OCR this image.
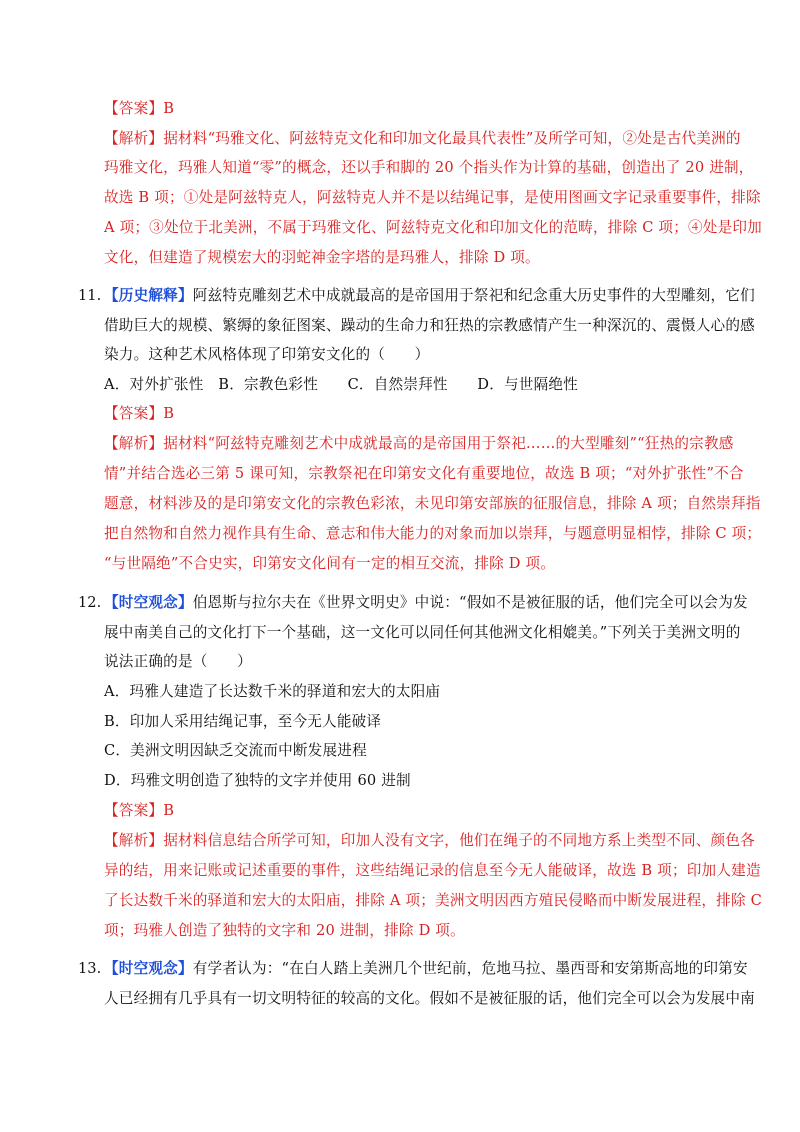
【答案】B
【解析】据材料“玛雅文化、阿兹特克文化和印加文化最具代表性”及所学可知，②处是古代美洲的
玛雅文化，玛雅人知道“零”的概念，还以手和脚的 20 个指头作为计算的基础，创造出了 20 进制，
故选 B 项；①处是阿兹特克人，阿兹特克人并不是以结绳记事，是使用图画文字记录重要事件，排除
A 项；③处位于北美洲，不属于玛雅文化、阿兹特克文化和印加文化的范畴，排除 C 项；④处是印加
文化，但建造了规模宏大的羽蛇神金字塔的是玛雅人，排除 D 项。
11. 【历史解释】阿兹特克雕刻艺术中成就最高的是帝国用于祭祀和纪念重大历史事件的大型雕刻，它们
借助巨大的规模、繁缛的象征图案、躁动的生命力和狂热的宗教感情产生一种深沉的、震慑人心的感
染力。这种艺术风格体现了印第安文化的（　　）
A．对外扩张性　B．宗教色彩性　　C．自然崇拜性　　D．与世隔绝性
【答案】B
【解析】据材料“阿兹特克雕刻艺术中成就最高的是帝国用于祭祀……的大型雕刻”“狂热的宗教感
情”并结合选必三第 5 课可知，宗教祭祀在印第安文化有重要地位，故选 B 项；“对外扩张性”不合
题意，材料涉及的是印第安文化的宗教色彩浓，未见印第安部族的征服信息，排除 A 项；自然崇拜指
把自然物和自然力视作具有生命、意志和伟大能力的对象而加以崇拜，与题意明显相悖，排除 C 项；
“与世隔绝”不合史实，印第安文化间有一定的相互交流，排除 D 项。
12. 【时空观念】伯恩斯与拉尔夫在《世界文明史》中说：“假如不是被征服的话，他们完全可以会为发
展中南美自己的文化打下一个基础，这一文化可以同任何其他洲文化相媲美。”下列关于美洲文明的
说法正确的是（　　）
A．玛雅人建造了长达数千米的驿道和宏大的太阳庙
B．印加人采用结绳记事，至今无人能破译
C．美洲文明因缺乏交流而中断发展进程
D．玛雅文明创造了独特的文字并使用 60 进制
【答案】B
【解析】据材料信息结合所学可知，印加人没有文字，他们在绳子的不同地方系上类型不同、颜色各
异的结，用来记账或记述重要的事件，这些结绳记录的信息至今无人能破译，故选 B 项；印加人建造
了长达数千米的驿道和宏大的太阳庙，排除 A 项；美洲文明因西方殖民侵略而中断发展进程，排除 C
项；玛雅人创造了独特的文字和 20 进制，排除 D 项。
13. 【时空观念】有学者认为：“在白人踏上美洲几个世纪前，危地马拉、墨西哥和安第斯高地的印第安
人已经拥有几乎具有一切文明特征的较高的文化。假如不是被征服的话，他们完全可以会为发展中南
